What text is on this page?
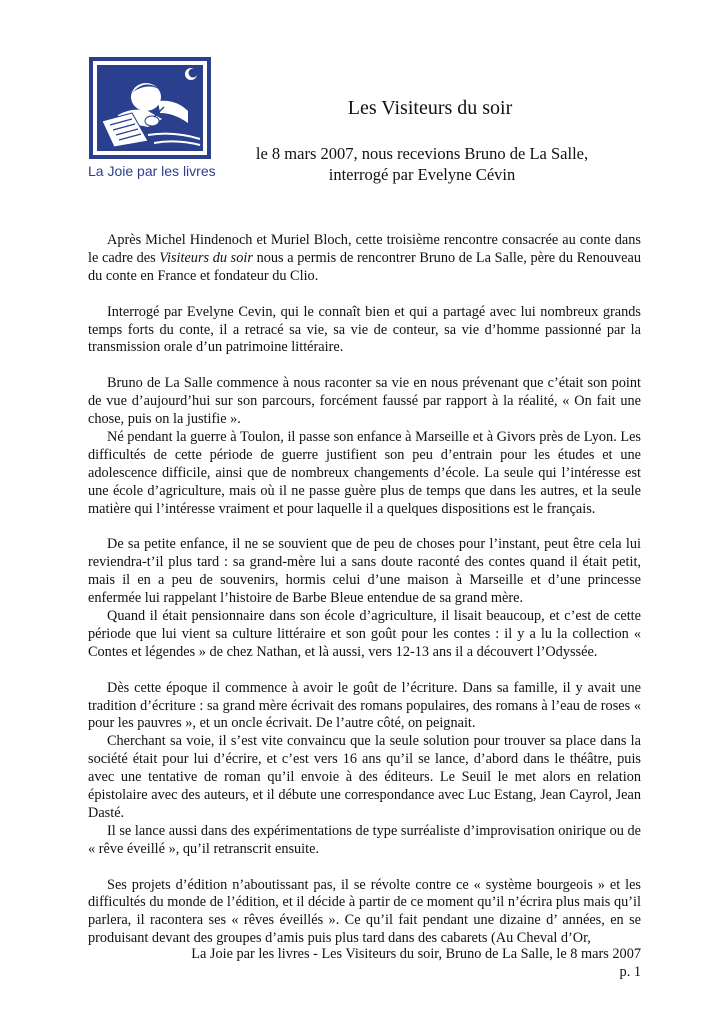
La Joie par les livres
Les Visiteurs du soir
le 8 mars 2007, nous recevions Bruno de La Salle,
interrogé par Evelyne Cévin

Après Michel Hindenoch et Muriel Bloch, cette troisième rencontre consacrée au conte dans le cadre des Visiteurs du soir nous a permis de rencontrer Bruno de La Salle, père du Renouveau du conte en France et fondateur du Clio.

Interrogé par Evelyne Cevin, qui le connaît bien et qui a partagé avec lui nombreux grands temps forts du conte, il a retracé sa vie, sa vie de conteur, sa vie d’homme passionné par la transmission orale d’un patrimoine littéraire.

Bruno de La Salle commence à nous raconter sa vie en nous prévenant que c’était son point de vue d’aujourd’hui sur son parcours, forcément faussé par rapport à la réalité, « On fait une chose, puis on la justifie ».

Né pendant la guerre à Toulon, il passe son enfance à Marseille et à Givors près de Lyon. Les difficultés de cette période de guerre justifient son peu d’entrain pour les études et une adolescence difficile, ainsi que de nombreux changements d’école. La seule qui l’intéresse est une école d’agriculture, mais où il ne passe guère plus de temps que dans les autres, et la seule matière qui l’intéresse vraiment et pour laquelle il a quelques dispositions est le français.

De sa petite enfance, il ne se souvient que de peu de choses pour l’instant, peut être cela lui reviendra-t’il plus tard : sa grand-mère lui a sans doute raconté des contes quand il était petit, mais il en a peu de souvenirs, hormis celui d’une maison à Marseille et d’une princesse enfermée lui rappelant l’histoire de Barbe Bleue entendue de sa grand mère.

Quand il était pensionnaire dans son école d’agriculture, il lisait beaucoup, et c’est de cette période que lui vient sa culture littéraire et son goût pour les contes : il y a lu la collection « Contes et légendes » de chez Nathan, et là aussi, vers 12-13 ans il a découvert l’Odyssée.

Dès cette époque il commence à avoir le goût de l’écriture. Dans sa famille, il y avait une tradition d’écriture : sa grand mère écrivait des romans populaires, des romans à l’eau de roses « pour les pauvres », et un oncle écrivait. De l’autre côté, on peignait.

Cherchant sa voie, il s’est vite convaincu que la seule solution pour trouver sa place dans la société était pour lui d’écrire, et c’est vers 16 ans qu’il se lance, d’abord dans le théâtre, puis avec une tentative de roman qu’il envoie à des éditeurs. Le Seuil le met alors en relation épistolaire avec des auteurs, et il débute une correspondance avec Luc Estang, Jean Cayrol, Jean Dasté.

Il se lance aussi dans des expérimentations de type surréaliste d’improvisation onirique ou de « rêve éveillé », qu’il retranscrit ensuite.

Ses projets d’édition n’aboutissant pas, il se révolte contre ce « système bourgeois » et les difficultés du monde de l’édition, et il décide à partir de ce moment qu’il n’écrira plus mais qu’il parlera, il racontera ses « rêves éveillés ». Ce qu’il fait pendant une dizaine d’ années, en se produisant devant des groupes d’amis puis plus tard dans des cabarets (Au Cheval d’Or,

La Joie par les livres - Les Visiteurs du soir, Bruno de La Salle, le 8 mars 2007
p. 1
